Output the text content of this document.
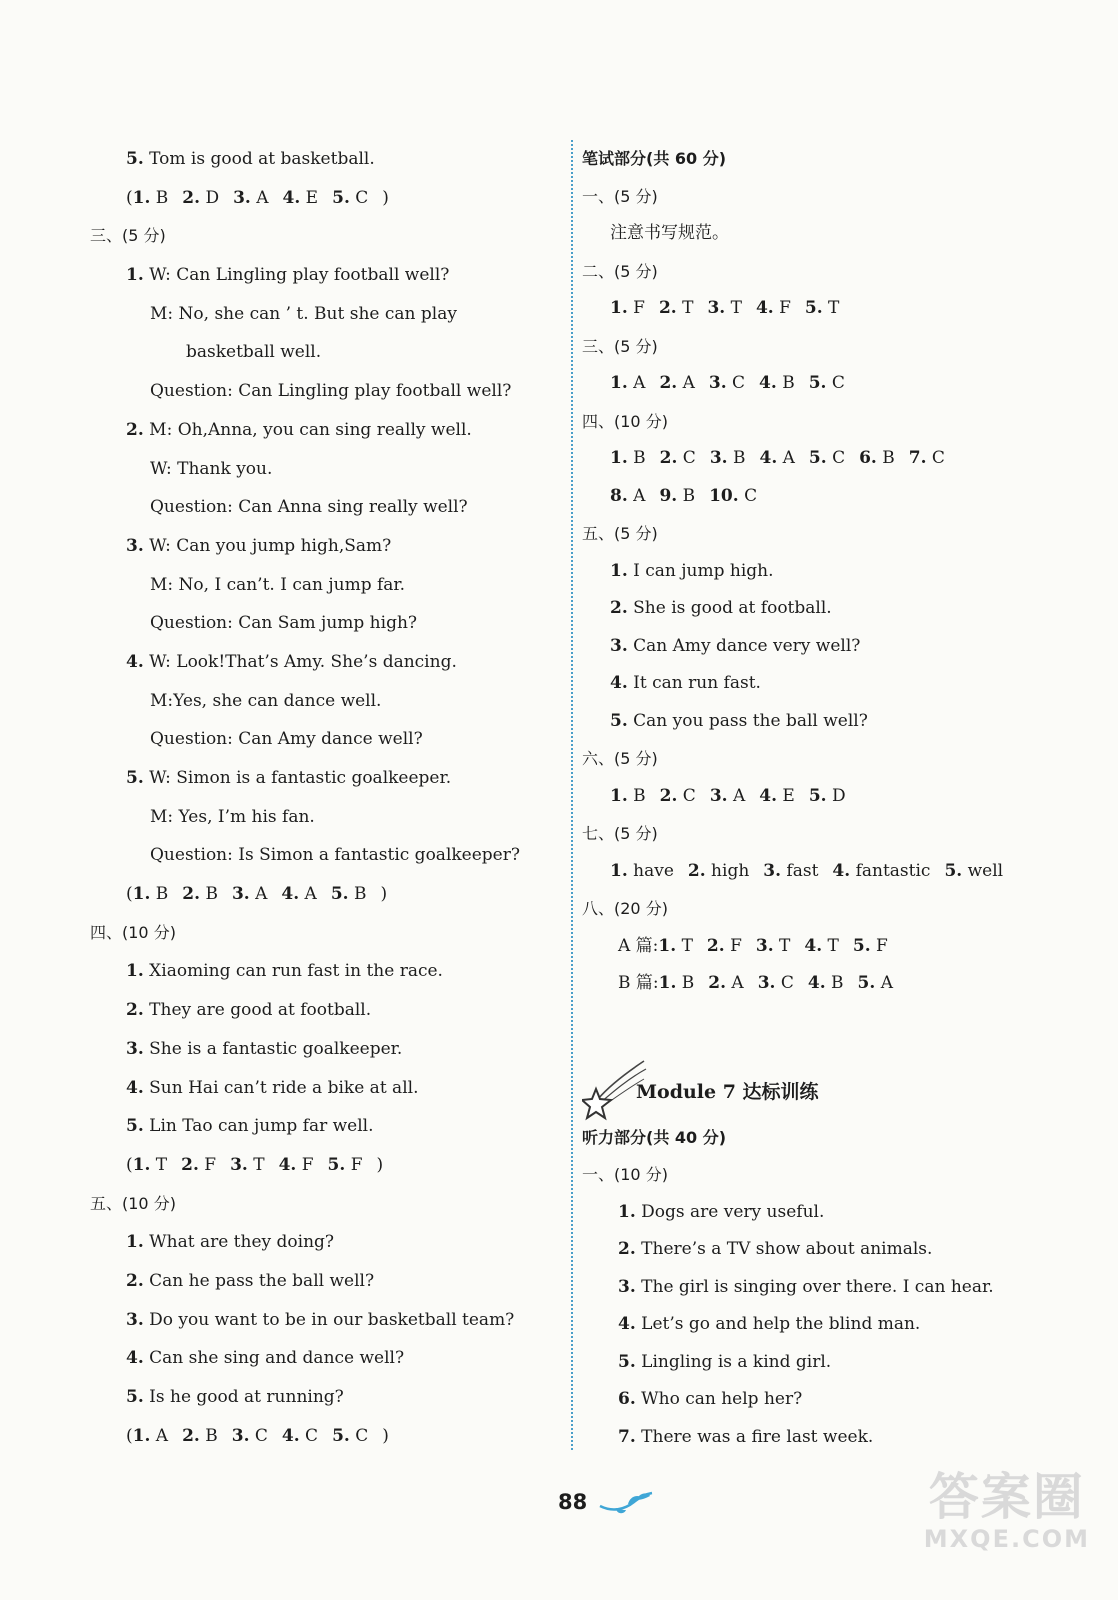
5. Tom is good at basketball.
(1. B 2. D 3. A 4. E 5. C )
三、(5 分)
1. W: Can Lingling play football well?
M: No, she can ’ t. But she can play
basketball well.
Question: Can Lingling play football well?
2. M: Oh,Anna, you can sing really well.
W: Thank you.
Question: Can Anna sing really well?
3. W: Can you jump high,Sam?
M: No, I can’t. I can jump far.
Question: Can Sam jump high?
4. W: Look!That’s Amy. She’s dancing.
M:Yes, she can dance well.
Question: Can Amy dance well?
5. W: Simon is a fantastic goalkeeper.
M: Yes, I’m his fan.
Question: Is Simon a fantastic goalkeeper?
(1. B 2. B 3. A 4. A 5. B )
四、(10 分)
1. Xiaoming can run fast in the race.
2. They are good at football.
3. She is a fantastic goalkeeper.
4. Sun Hai can’t ride a bike at all.
5. Lin Tao can jump far well.
(1. T 2. F 3. T 4. F 5. F )
五、(10 分)
1. What are they doing?
2. Can he pass the ball well?
3. Do you want to be in our basketball team?
4. Can she sing and dance well?
5. Is he good at running?
(1. A 2. B 3. C 4. C 5. C )
笔试部分(共 60 分)
一、(5 分)
注意书写规范。
二、(5 分)
1. F 2. T 3. T 4. F 5. T
三、(5 分)
1. A 2. A 3. C 4. B 5. C
四、(10 分)
1. B 2. C 3. B 4. A 5. C 6. B 7. C
8. A 9. B 10. C
五、(5 分)
1. I can jump high.
2. She is good at football.
3. Can Amy dance very well?
4. It can run fast.
5. Can you pass the ball well?
六、(5 分)
1. B 2. C 3. A 4. E 5. D
七、(5 分)
1. have 2. high 3. fast 4. fantastic 5. well
八、(20 分)
A 篇:1. T 2. F 3. T 4. T 5. F
B 篇:1. B 2. A 3. C 4. B 5. A
Module 7 达标训练
听力部分(共 40 分)
一、(10 分)
1. Dogs are very useful.
2. There’s a TV show about animals.
3. The girl is singing over there. I can hear.
4. Let’s go and help the blind man.
5. Lingling is a kind girl.
6. Who can help her?
7. There was a fire last week.
88	答案圈
MXQE.COM
